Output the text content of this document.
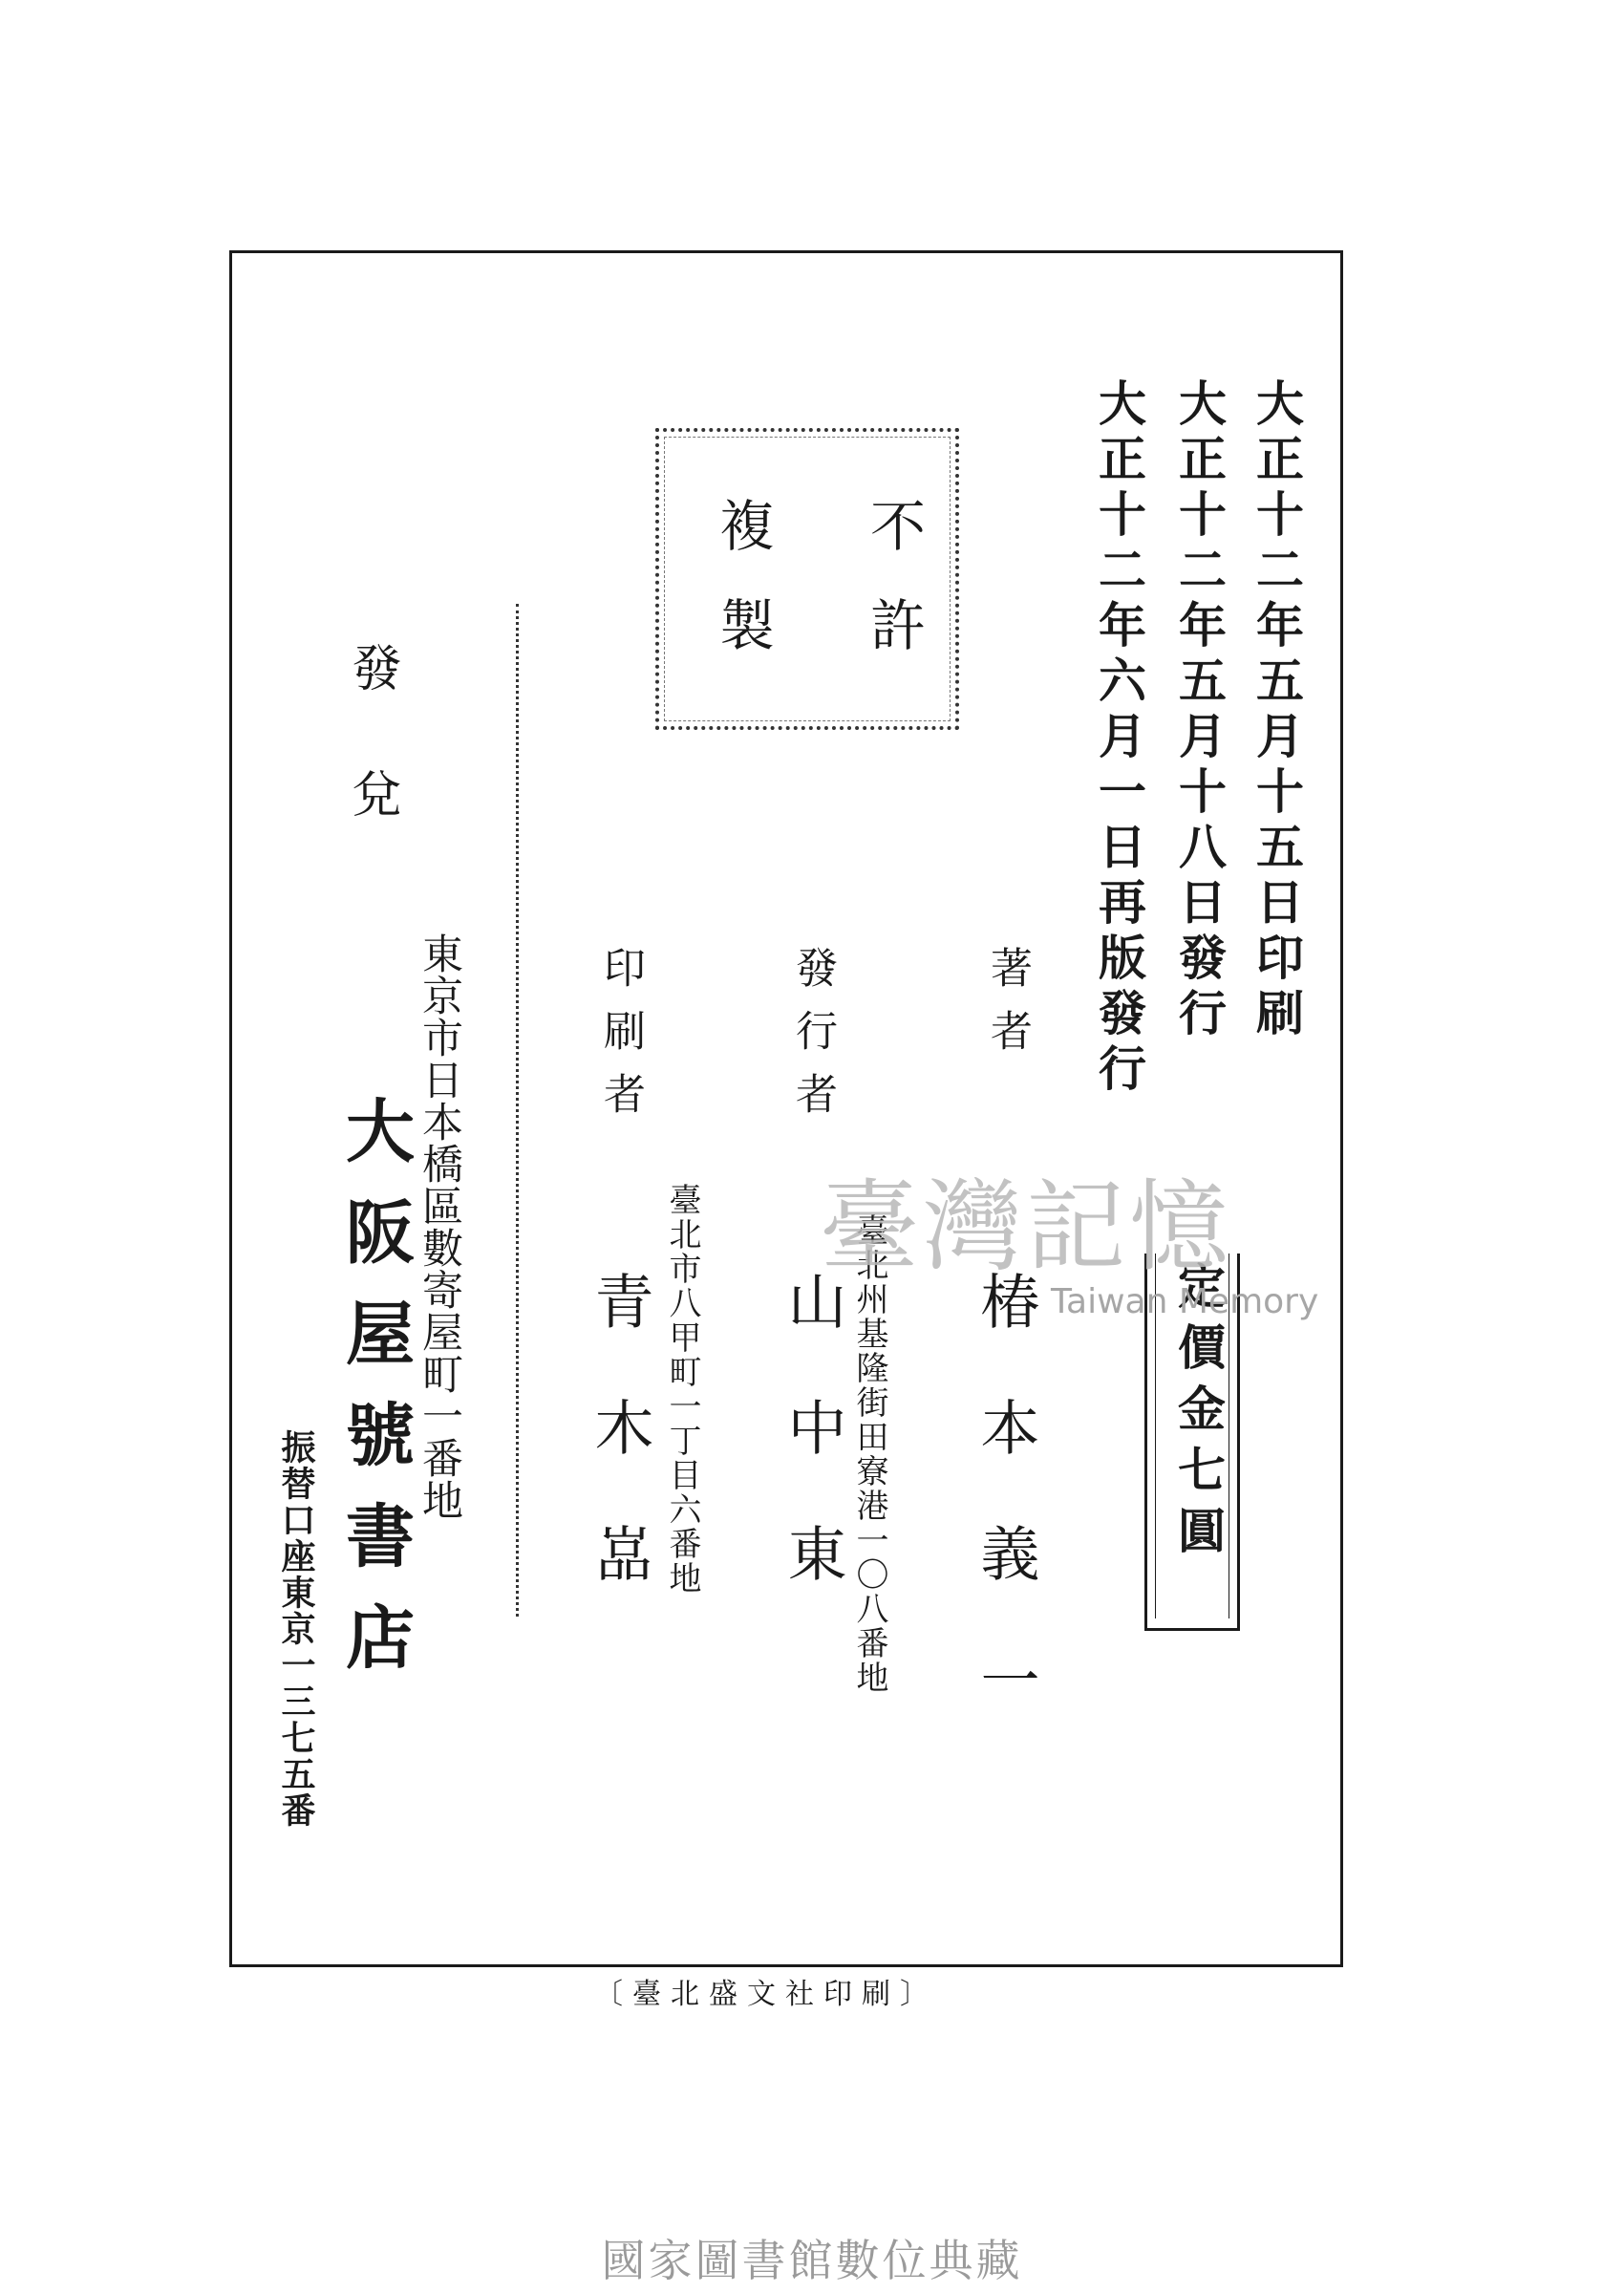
大正十二年五月十五日印刷
大正十二年五月十八日發行
大正十二年六月一日再版發行
定價金七圓
不許
複製
著者
椿本義一
發行者
臺北州基隆街田寮港一〇八番地
山中東
印刷者
臺北市八甲町一丁目六番地
青木嵓
發兌
東京市日本橋區數寄屋町一番地
大阪屋號書店
振替口座東京一三七五番
〔臺北盛文社印刷〕
臺灣記憶
Taiwan Memory
國家圖書館數位典藏
